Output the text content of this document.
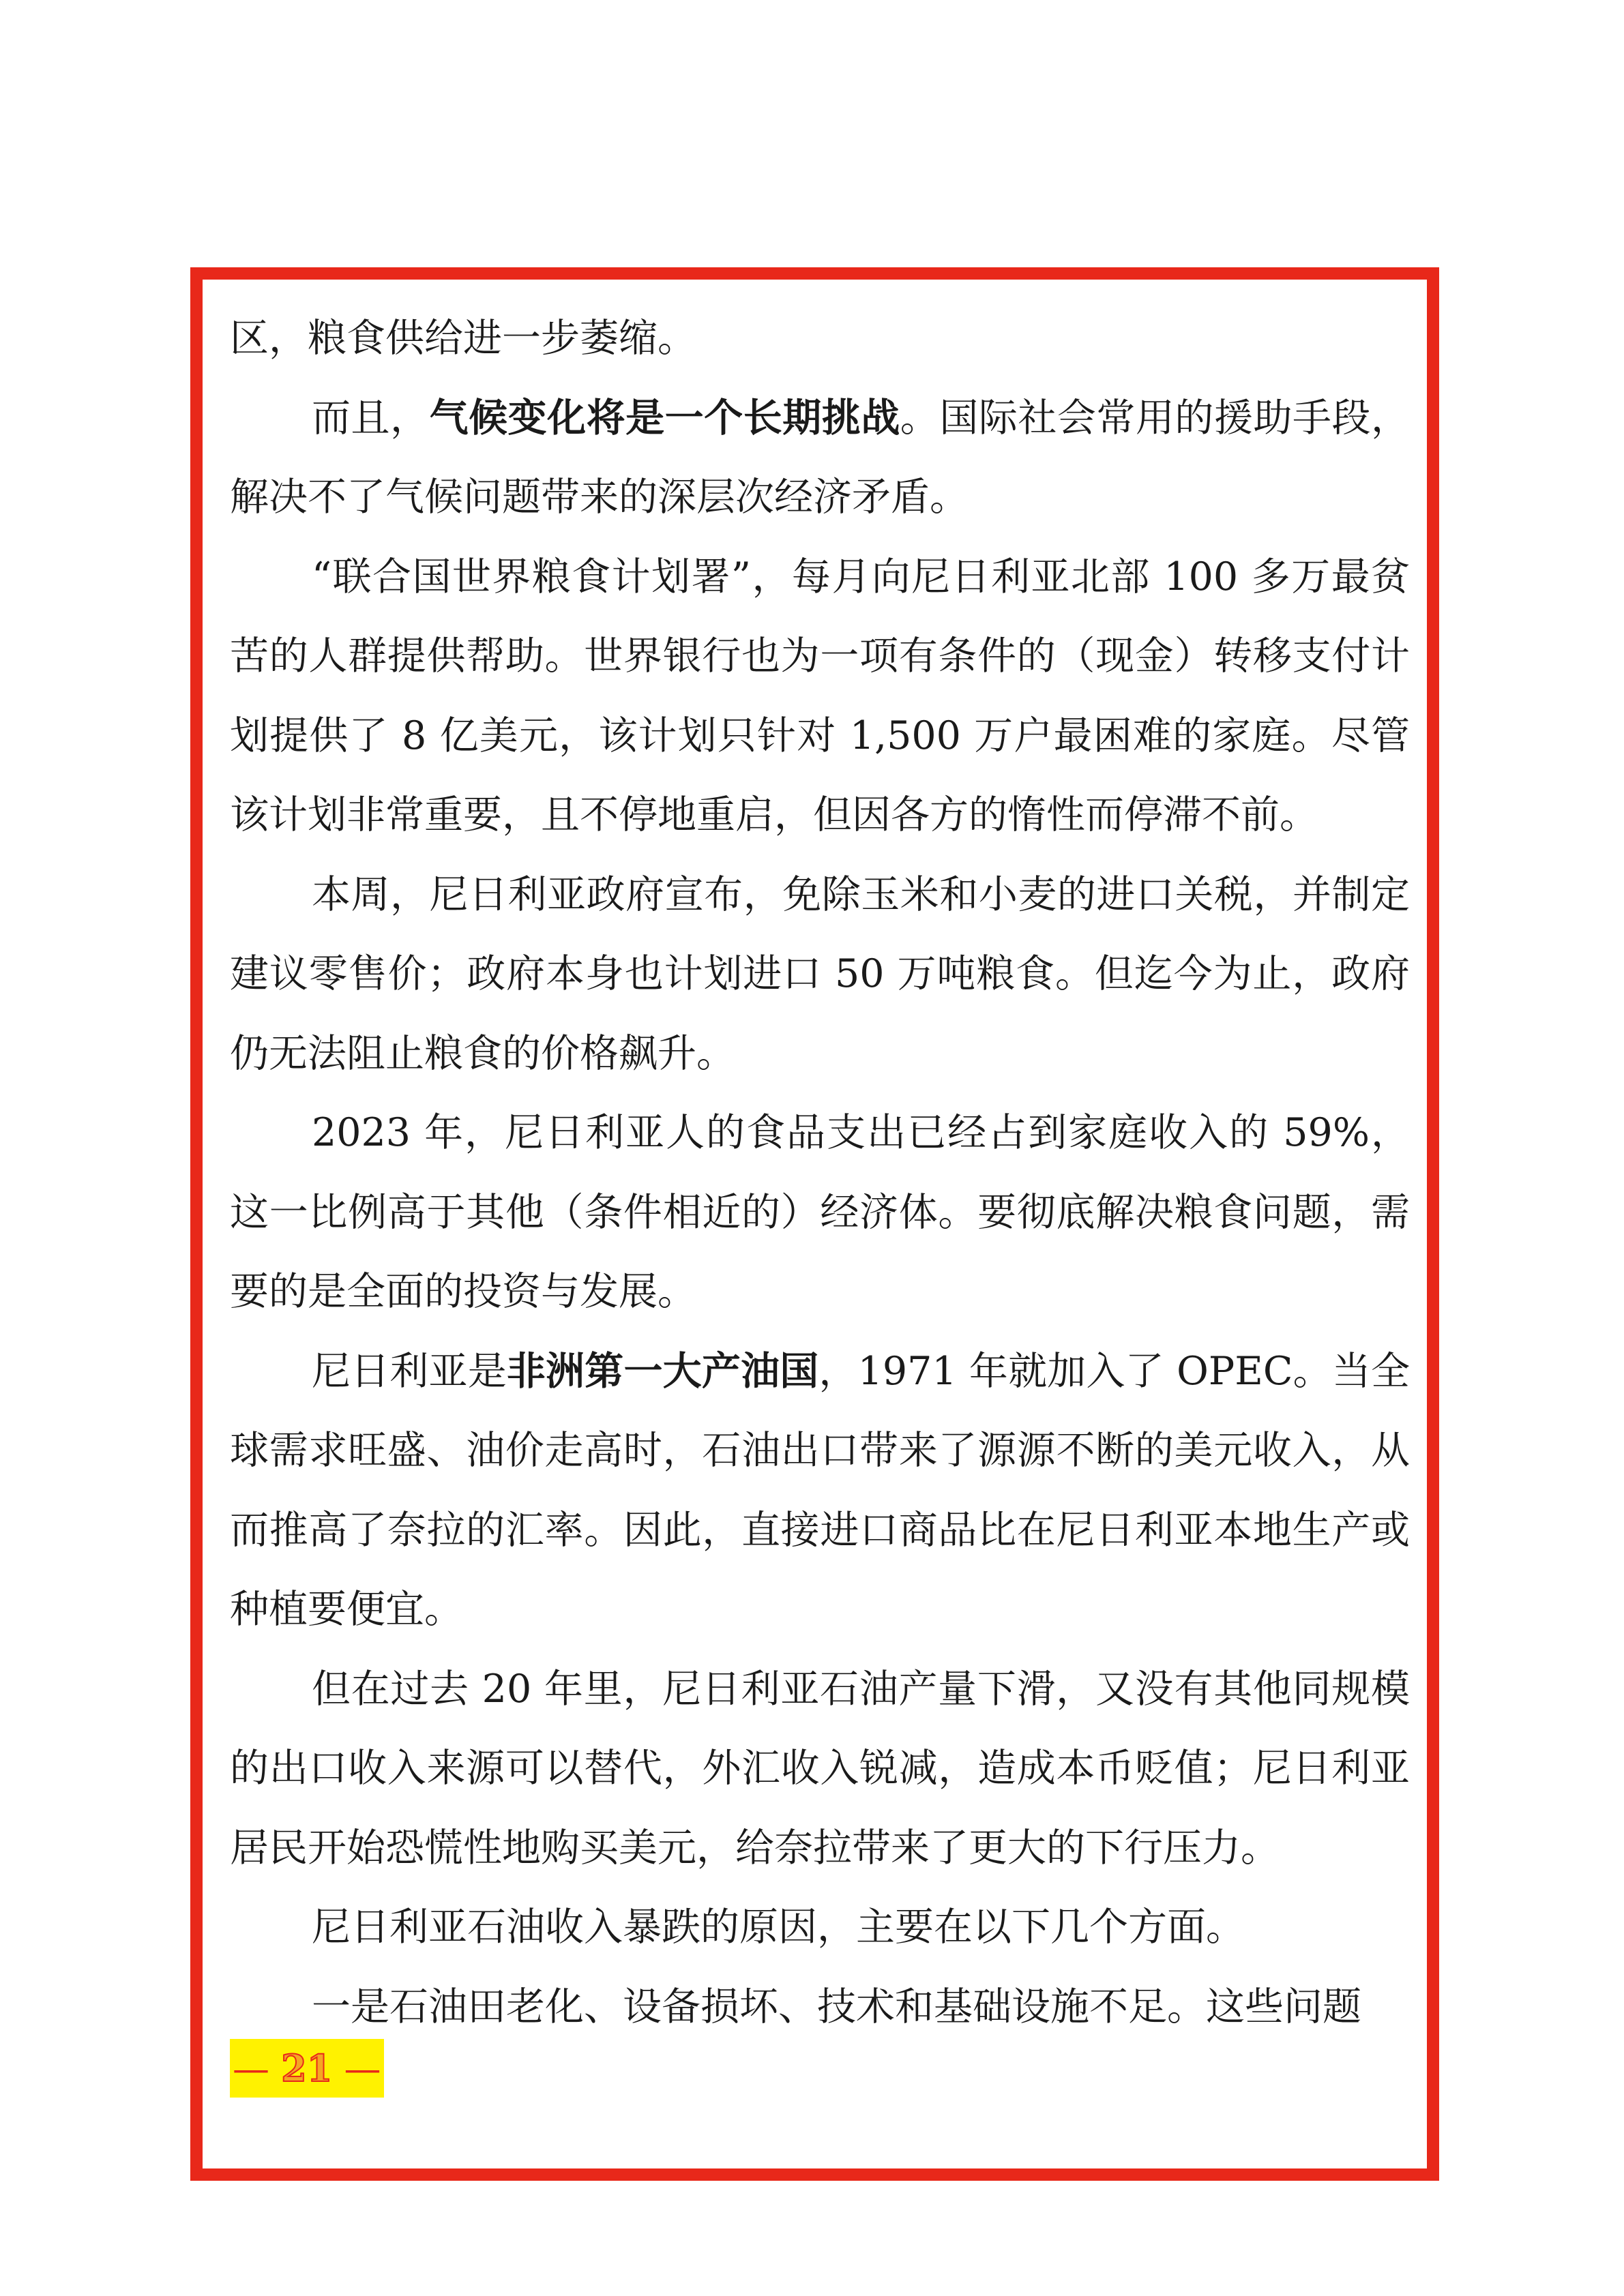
区，粮食供给进一步萎缩。

而且，气候变化将是一个长期挑战。国际社会常用的援助手段，解决不了气候问题带来的深层次经济矛盾。

“联合国世界粮食计划署”，每月向尼日利亚北部 100 多万最贫苦的人群提供帮助。世界银行也为一项有条件的（现金）转移支付计划提供了 8 亿美元，该计划只针对 1,500 万户最困难的家庭。尽管该计划非常重要，且不停地重启，但因各方的惰性而停滞不前。

本周，尼日利亚政府宣布，免除玉米和小麦的进口关税，并制定建议零售价；政府本身也计划进口 50 万吨粮食。但迄今为止，政府仍无法阻止粮食的价格飙升。

2023 年，尼日利亚人的食品支出已经占到家庭收入的 59%，这一比例高于其他（条件相近的）经济体。要彻底解决粮食问题，需要的是全面的投资与发展。

尼日利亚是非洲第一大产油国，1971 年就加入了 OPEC。当全球需求旺盛、油价走高时，石油出口带来了源源不断的美元收入，从而推高了奈拉的汇率。因此，直接进口商品比在尼日利亚本地生产或种植要便宜。

但在过去 20 年里，尼日利亚石油产量下滑，又没有其他同规模的出口收入来源可以替代，外汇收入锐减，造成本币贬值；尼日利亚居民开始恐慌性地购买美元，给奈拉带来了更大的下行压力。

尼日利亚石油收入暴跌的原因，主要在以下几个方面。

一是石油田老化、设备损坏、技术和基础设施不足。这些问题

— 21 —
